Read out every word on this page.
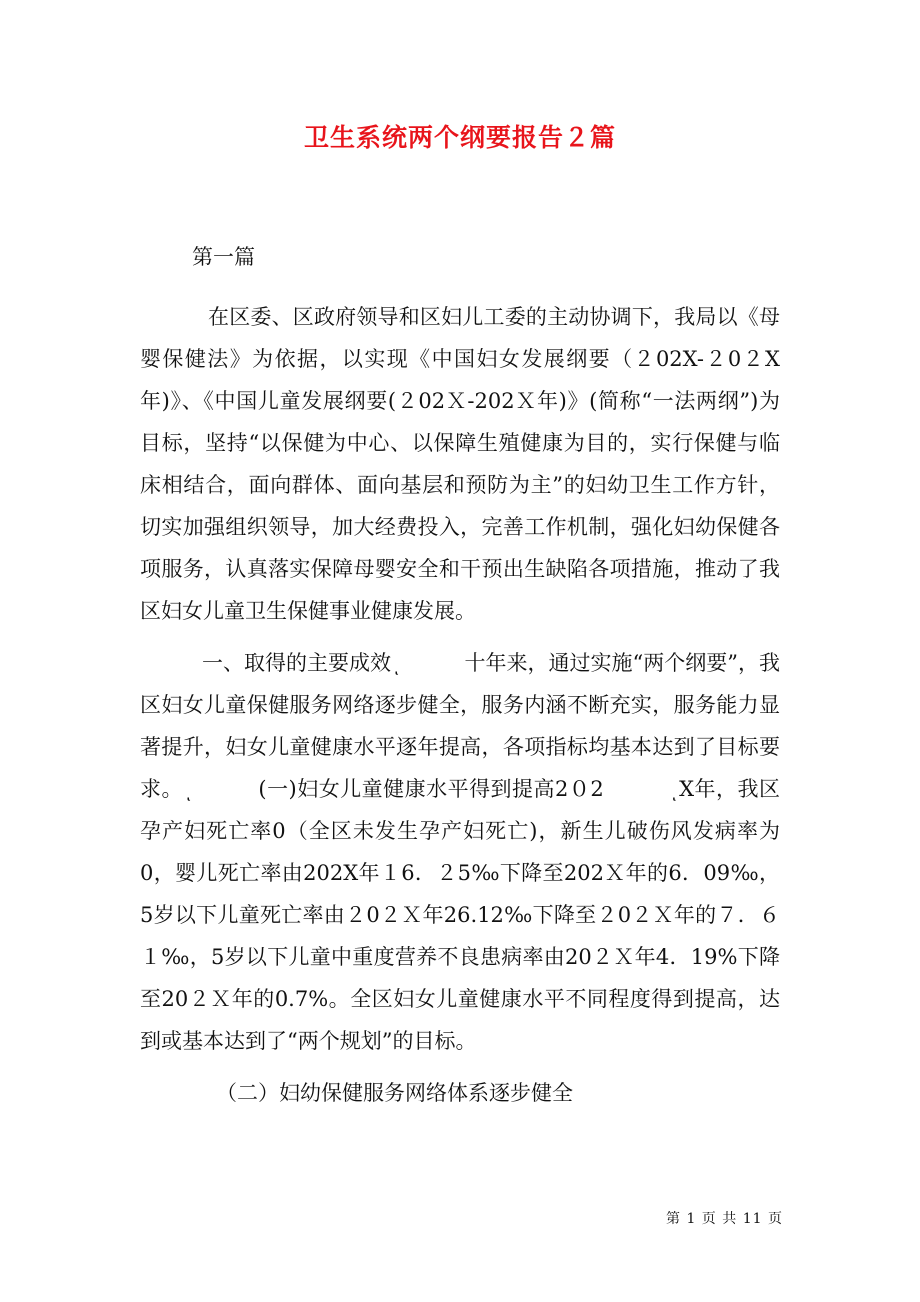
卫生系统两个纲要报告２篇

第一篇

在区委、区政府领导和区妇儿工委的主动协调下，我局以《母婴保健法》为依据，以实现《中国妇女发展纲要（２02X-２0２X年)》、《中国儿童发展纲要(２02Ｘ-202Ｘ年)》(简称“一法两纲”)为目标，坚持“以保健为中心、以保障生殖健康为目的，实行保健与临床相结合，面向群体、面向基层和预防为主”的妇幼卫生工作方针，切实加强组织领导，加大经费投入，完善工作机制，强化妇幼保健各项服务，认真落实保障母婴安全和干预出生缺陷各项措施，推动了我区妇女儿童卫生保健事业健康发展。

一、取得的主要成效ͺ　　　十年来，通过实施“两个纲要”，我区妇女儿童保健服务网络逐步健全，服务内涵不断充实，服务能力显著提升，妇女儿童健康水平逐年提高，各项指标均基本达到了目标要求。ͺ　　　(一)妇女儿童健康水平得到提高2０2　　　ͺX年，我区孕产妇死亡率0（全区未发生孕产妇死亡)，新生儿破伤风发病率为0，婴儿死亡率由202X年１6．２5‰下降至202Ｘ年的6．09‰，5岁以下儿童死亡率由２0２Ｘ年26.12‰下降至２0２Ｘ年的７．６１‰，5岁以下儿童中重度营养不良患病率由20２Ｘ年4．19%下降至20２Ｘ年的0.7%。全区妇女儿童健康水平不同程度得到提高，达到或基本达到了“两个规划”的目标。

（二）妇幼保健服务网络体系逐步健全

第 1 页 共 11 页
